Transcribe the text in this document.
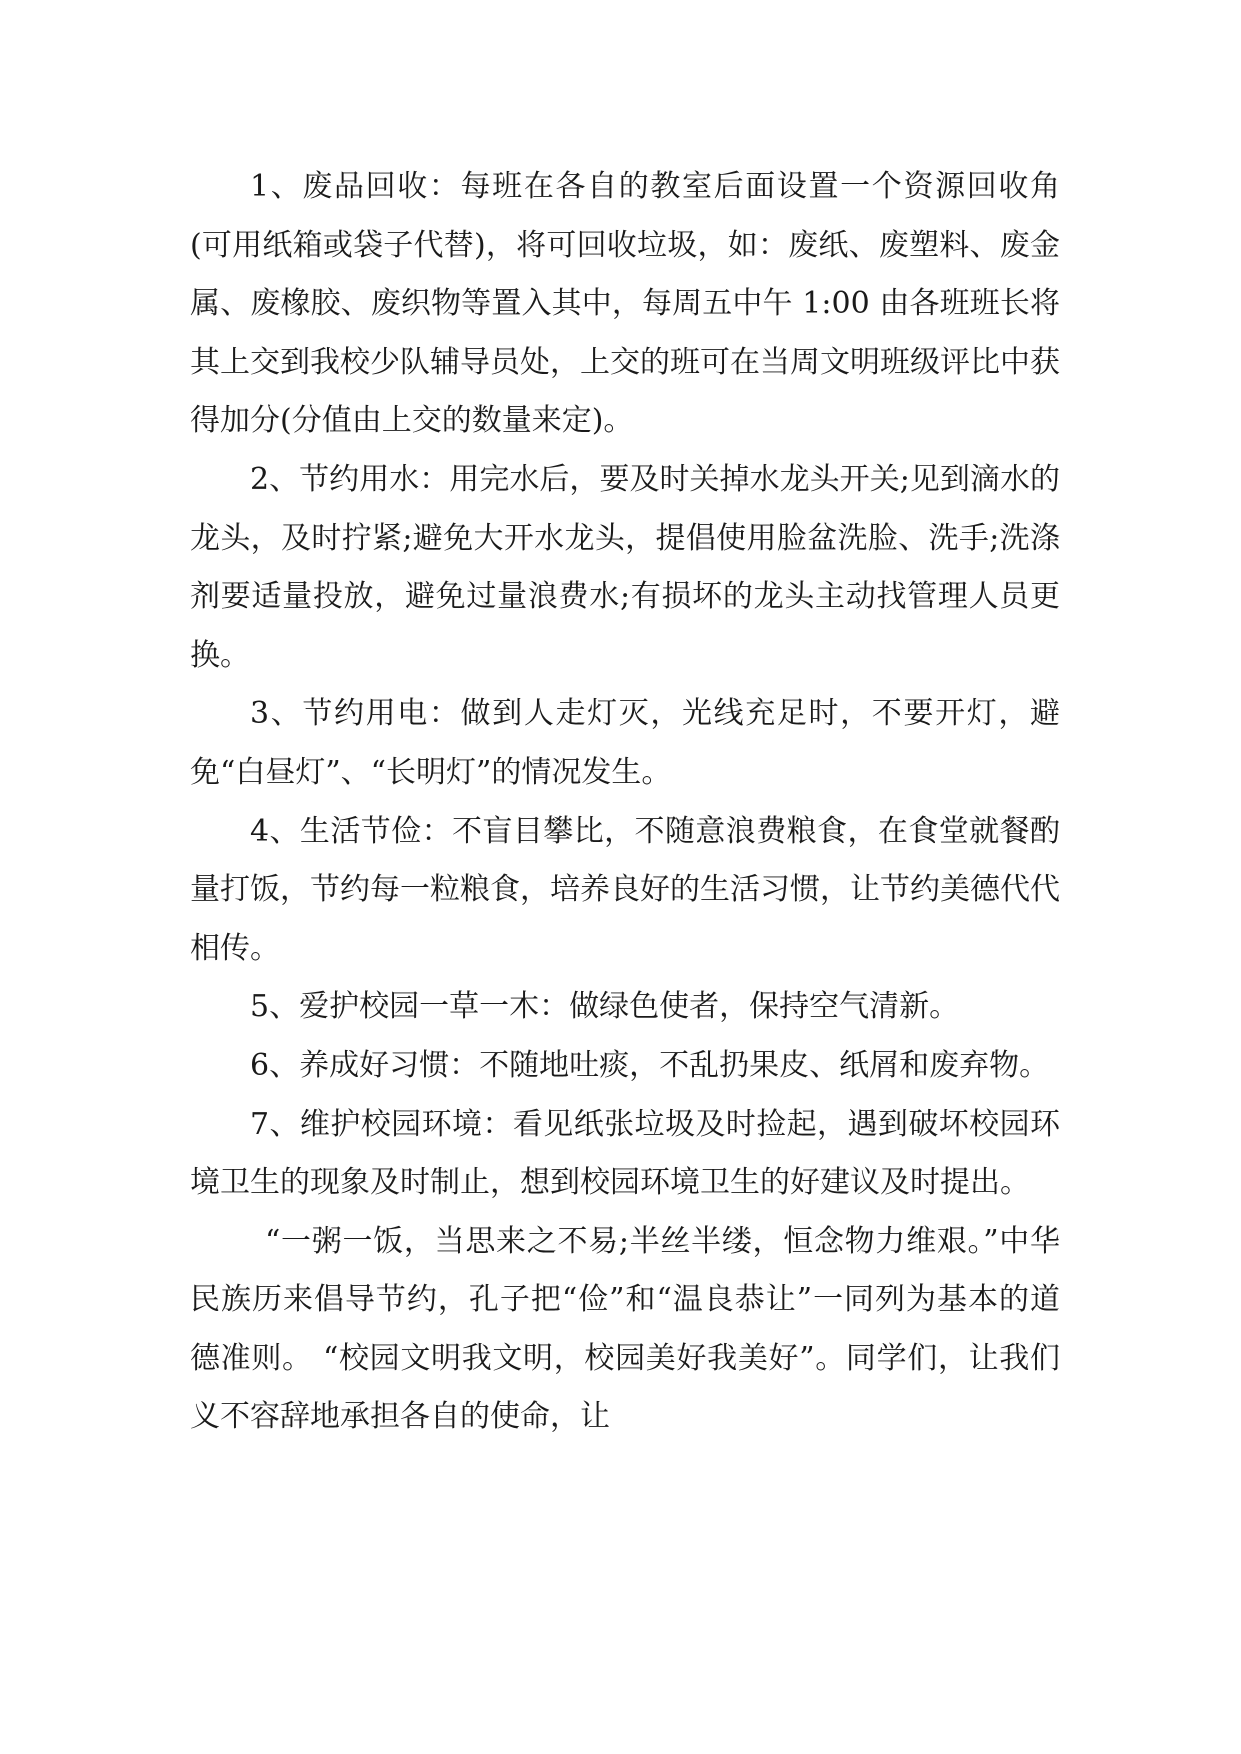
1、废品回收：每班在各自的教室后面设置一个资源回收角(可用纸箱或袋子代替)，将可回收垃圾，如：废纸、废塑料、废金属、废橡胶、废织物等置入其中，每周五中午 1:00 由各班班长将其上交到我校少队辅导员处，上交的班可在当周文明班级评比中获得加分(分值由上交的数量来定)。

2、节约用水：用完水后，要及时关掉水龙头开关;见到滴水的龙头，及时拧紧;避免大开水龙头，提倡使用脸盆洗脸、洗手;洗涤剂要适量投放，避免过量浪费水;有损坏的龙头主动找管理人员更换。

3、节约用电：做到人走灯灭，光线充足时，不要开灯，避免“白昼灯”、“长明灯”的情况发生。

4、生活节俭：不盲目攀比，不随意浪费粮食，在食堂就餐酌量打饭，节约每一粒粮食，培养良好的生活习惯，让节约美德代代相传。

5、爱护校园一草一木：做绿色使者，保持空气清新。

6、养成好习惯：不随地吐痰，不乱扔果皮、纸屑和废弃物。

7、维护校园环境：看见纸张垃圾及时捡起，遇到破坏校园环境卫生的现象及时制止，想到校园环境卫生的好建议及时提出。

“一粥一饭，当思来之不易;半丝半缕，恒念物力维艰。”中华民族历来倡导节约，孔子把“俭”和“温良恭让”一同列为基本的道德准则。 “校园文明我文明，校园美好我美好”。同学们，让我们义不容辞地承担各自的使命，让
